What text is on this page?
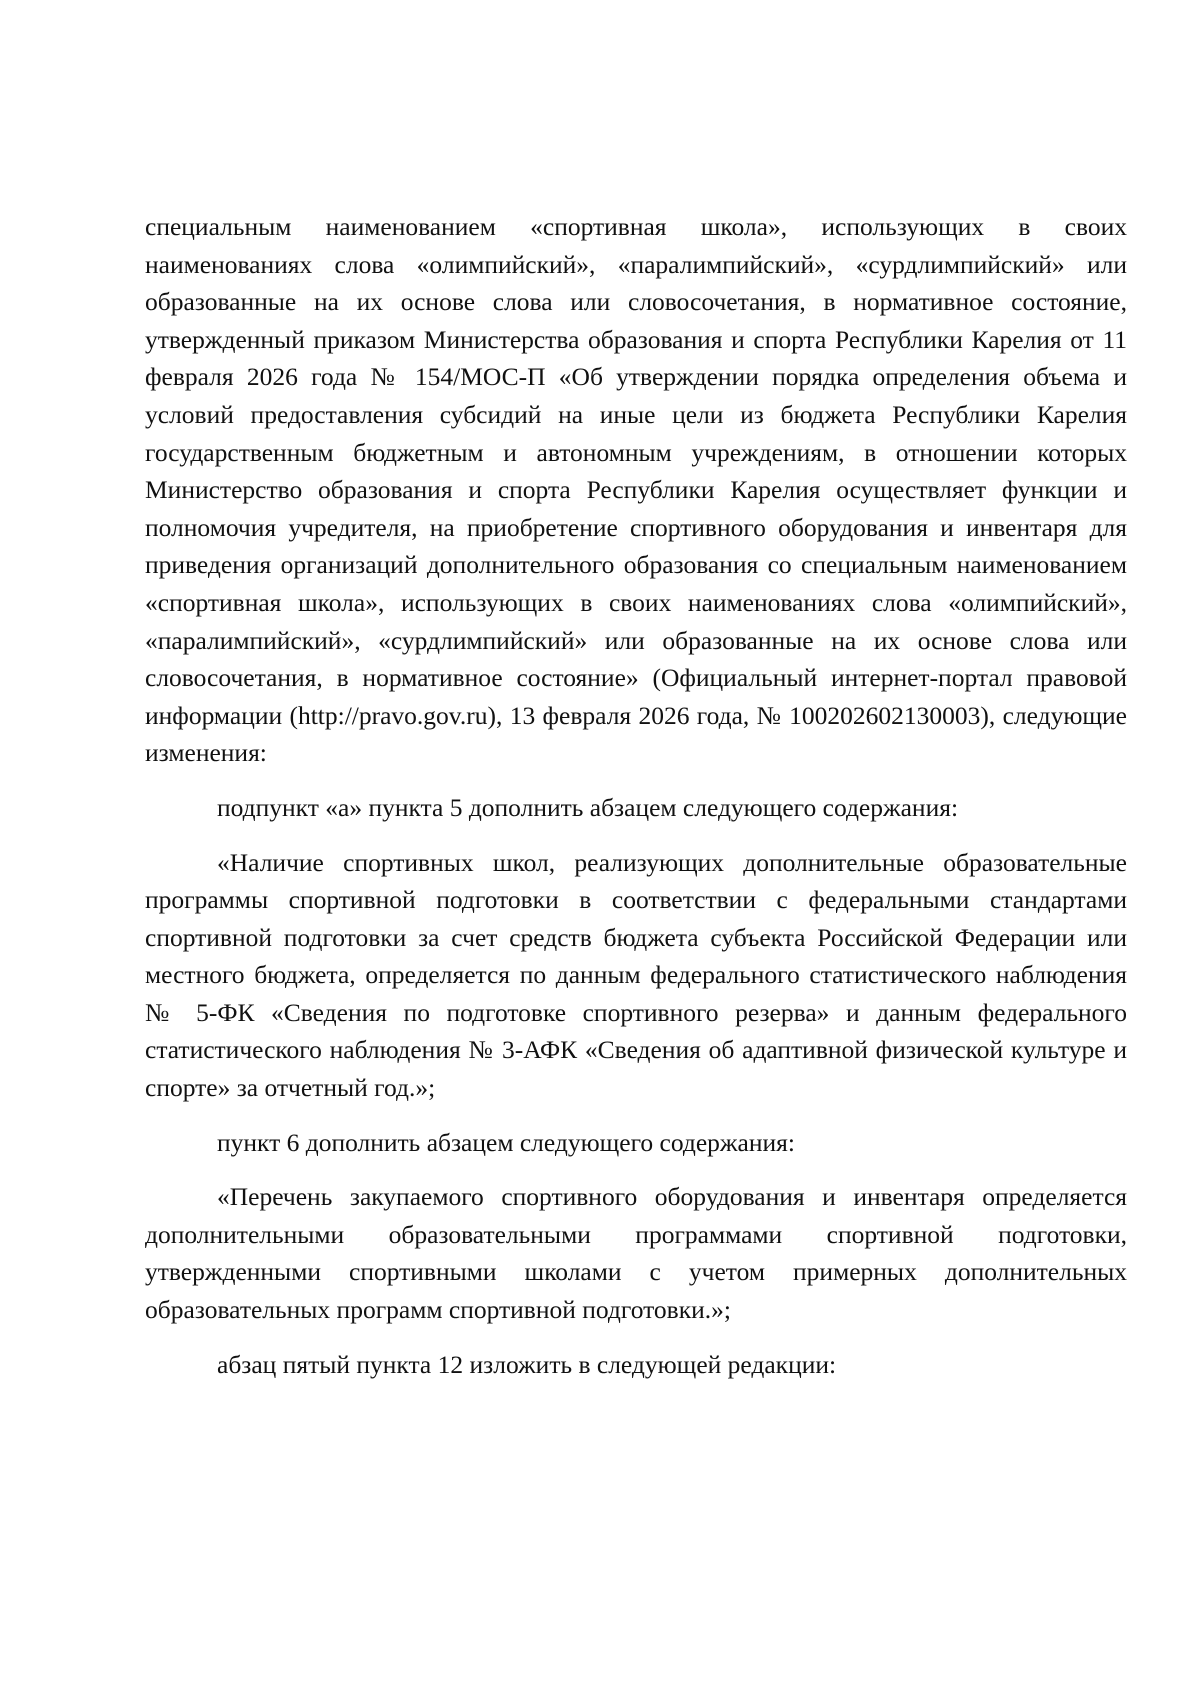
специальным наименованием «спортивная школа», использующих в своих наименованиях слова «олимпийский», «паралимпийский», «сурдлимпийский» или образованные на их основе слова или словосочетания, в нормативное состояние, утвержденный приказом Министерства образования и спорта Республики Карелия от 11 февраля 2026 года № 154/МОС-П «Об утверждении порядка определения объема и условий предоставления субсидий на иные цели из бюджета Республики Карелия государственным бюджетным и автономным учреждениям, в отношении которых Министерство образования и спорта Республики Карелия осуществляет функции и полномочия учредителя, на приобретение спортивного оборудования и инвентаря для приведения организаций дополнительного образования со специальным наименованием «спортивная школа», использующих в своих наименованиях слова «олимпийский», «паралимпийский», «сурдлимпийский» или образованные на их основе слова или словосочетания, в нормативное состояние» (Официальный интернет-портал правовой информации (http://pravo.gov.ru), 13 февраля 2026 года, № 100202602130003), следующие изменения:

подпункт «а» пункта 5 дополнить абзацем следующего содержания:

«Наличие спортивных школ, реализующих дополнительные образовательные программы спортивной подготовки в соответствии с федеральными стандартами спортивной подготовки за счет средств бюджета субъекта Российской Федерации или местного бюджета, определяется по данным федерального статистического наблюдения № 5-ФК «Сведения по подготовке спортивного резерва» и данным федерального статистического наблюдения № 3-АФК «Сведения об адаптивной физической культуре и спорте» за отчетный год.»;

пункт 6 дополнить абзацем следующего содержания:

«Перечень закупаемого спортивного оборудования и инвентаря определяется дополнительными образовательными программами спортивной подготовки, утвержденными спортивными школами с учетом примерных дополнительных образовательных программ спортивной подготовки.»;

абзац пятый пункта 12 изложить в следующей редакции:
